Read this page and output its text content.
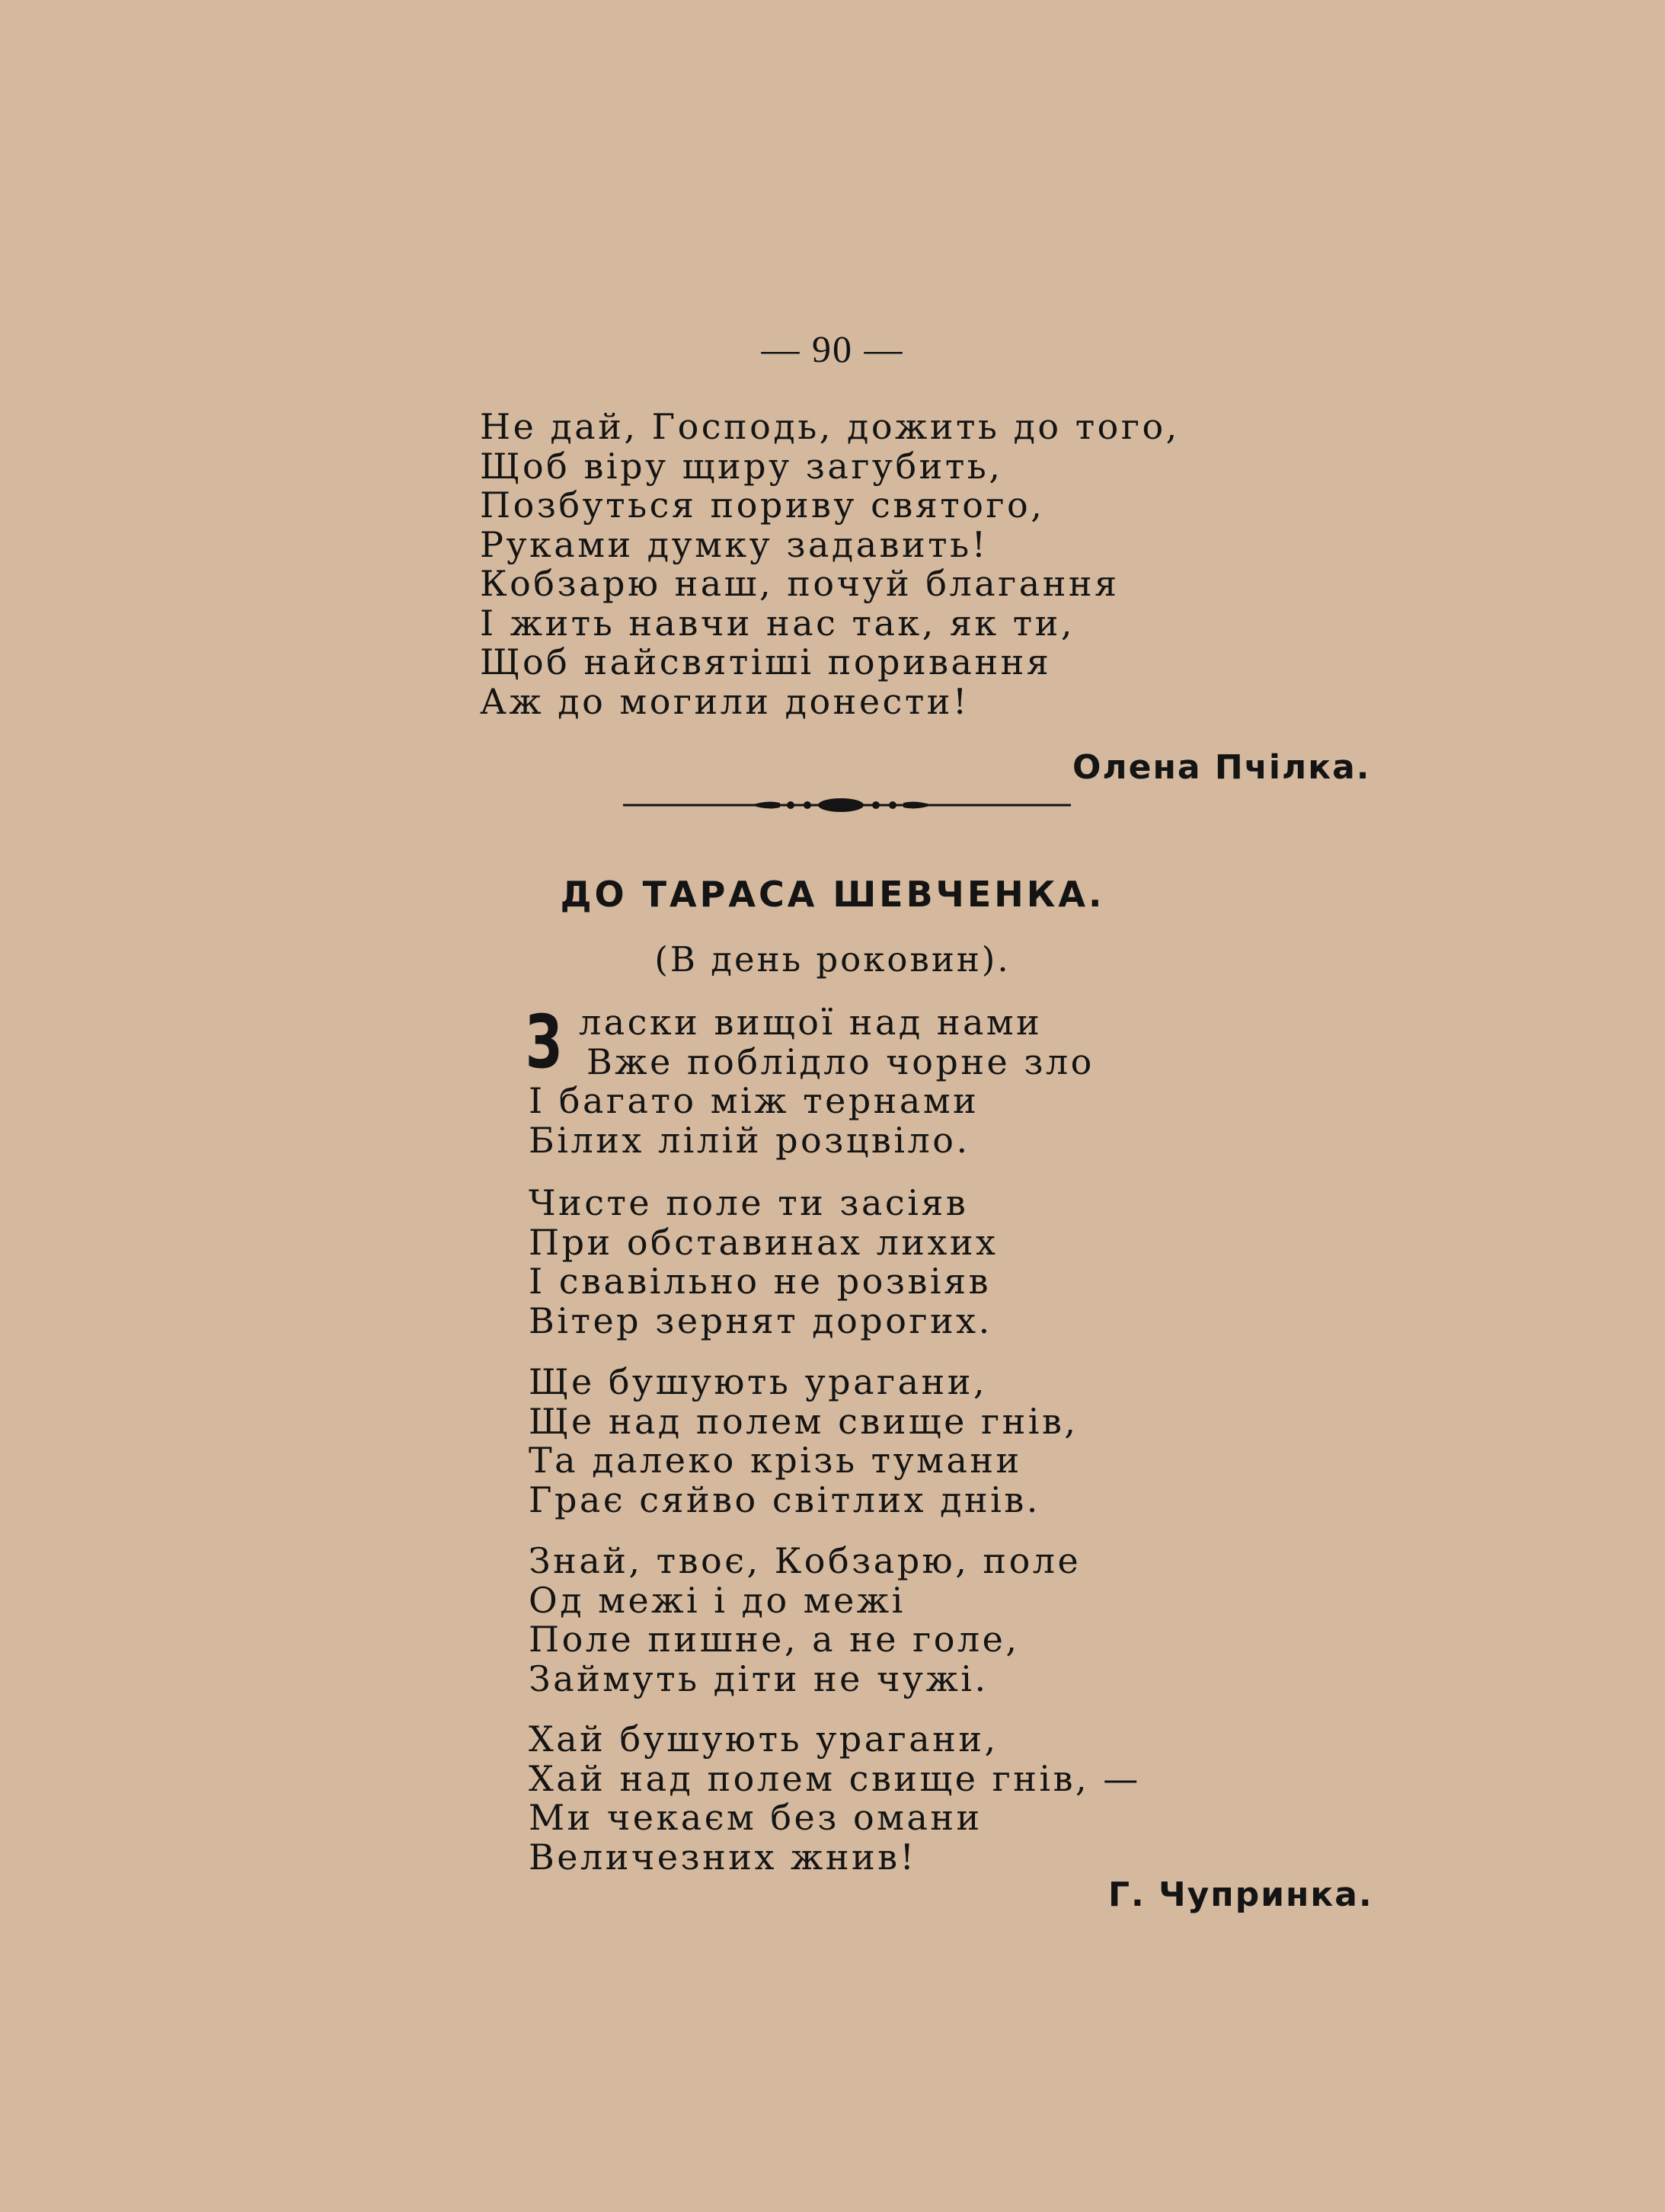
— 90 —
Не дай, Господь, дожить до того,
Щоб віру щиру загубить,
Позбутьcя пориву святого,
Руками думку задавить!
Кобзарю наш, почуй благання
І жить навчи нас так, як ти,
Щоб найсвятіші поривання
Аж до могили донести!
Олена Пчілка.
ДО ТАРАСА ШЕВЧЕНКА.
(В день роковин).
З ласки вищої над нами
Вже поблідло чорне зло
І багато між тернами
Білих лілій розцвіло.
Чисте поле ти засіяв
При обставинах лихих
І свавільно не розвіяв
Вітер зернят дорогих.
Ще бушують урагани,
Ще над полем свище гнів,
Та далеко крізь тумани
Грає сяйво світлих днів.
Знай, твоє, Кобзарю, поле
Од межі і до межі
Поле пишне, а не голе,
Займуть діти не чужі.
Хай бушують урагани,
Хай над полем свище гнів, —
Ми чекаєм без омани
Величезних жнив!
Г. Чупринка.
